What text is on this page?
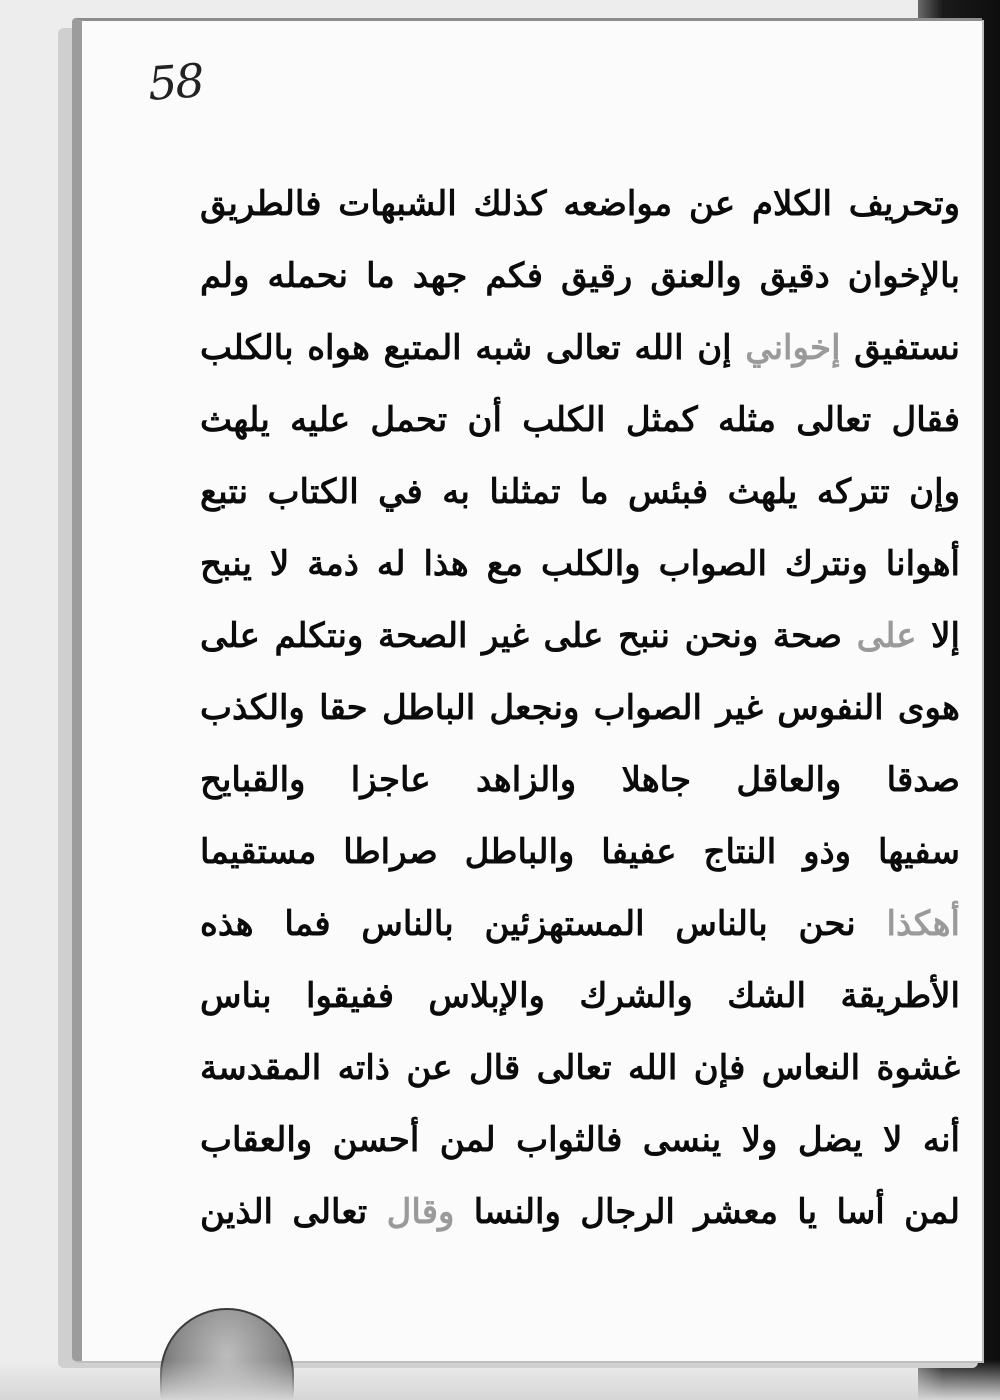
58
وتحريف الكلام عن مواضعه كذلك الشبهات فالطريق
بالإخوان دقيق والعنق رقيق فكم جهد ما نحمله ولم
نستفيق إخواني إن الله تعالى شبه المتبع هواه بالكلب
فقال تعالى مثله كمثل الكلب أن تحمل عليه يلهث
وإن تتركه يلهث فبئس ما تمثلنا به في الكتاب نتبع
أهوانا ونترك الصواب والكلب مع هذا له ذمة لا ينبح
إلا على صحة ونحن ننبح على غير الصحة ونتكلم على
هوى النفوس غير الصواب ونجعل الباطل حقا والكذب
صدقا والعاقل جاهلا والزاهد عاجزا والقبايح
سفيها وذو النتاج عفيفا والباطل صراطا مستقيما
أهكذا نحن بالناس المستهزئين بالناس فما هذه
الأطريقة الشك والشرك والإبلاس ففيقوا بناس
غشوة النعاس فإن الله تعالى قال عن ذاته المقدسة
أنه لا يضل ولا ينسى فالثواب لمن أحسن والعقاب
لمن أسا يا معشر الرجال والنسا وقال تعالى الذين
